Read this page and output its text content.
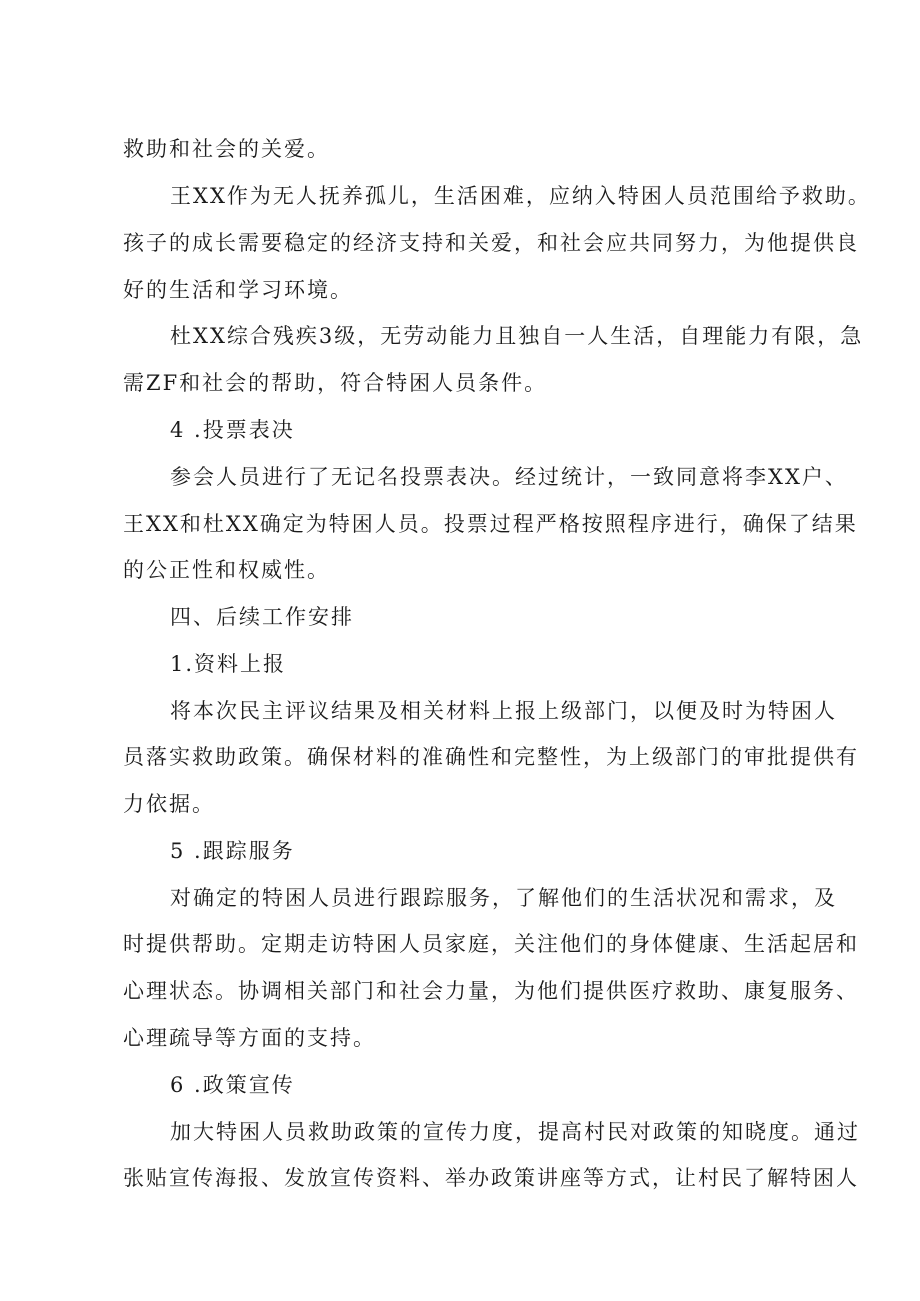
救助和社会的关爱。
王XX作为无人抚养孤儿，生活困难，应纳入特困人员范围给予救助。
孩子的成长需要稳定的经济支持和关爱，和社会应共同努力，为他提供良
好的生活和学习环境。
杜XX综合残疾3级，无劳动能力且独自一人生活，自理能力有限，急
需ZF和社会的帮助，符合特困人员条件。
4 .投票表决
参会人员进行了无记名投票表决。经过统计，一致同意将李XX户、
王XX和杜XX确定为特困人员。投票过程严格按照程序进行，确保了结果
的公正性和权威性。
四、后续工作安排
1.资料上报
将本次民主评议结果及相关材料上报上级部门，以便及时为特困人
员落实救助政策。确保材料的准确性和完整性，为上级部门的审批提供有
力依据。
5 .跟踪服务
对确定的特困人员进行跟踪服务，了解他们的生活状况和需求，及
时提供帮助。定期走访特困人员家庭，关注他们的身体健康、生活起居和
心理状态。协调相关部门和社会力量，为他们提供医疗救助、康复服务、
心理疏导等方面的支持。
6 .政策宣传
加大特困人员救助政策的宣传力度，提高村民对政策的知晓度。通过
张贴宣传海报、发放宣传资料、举办政策讲座等方式，让村民了解特困人
